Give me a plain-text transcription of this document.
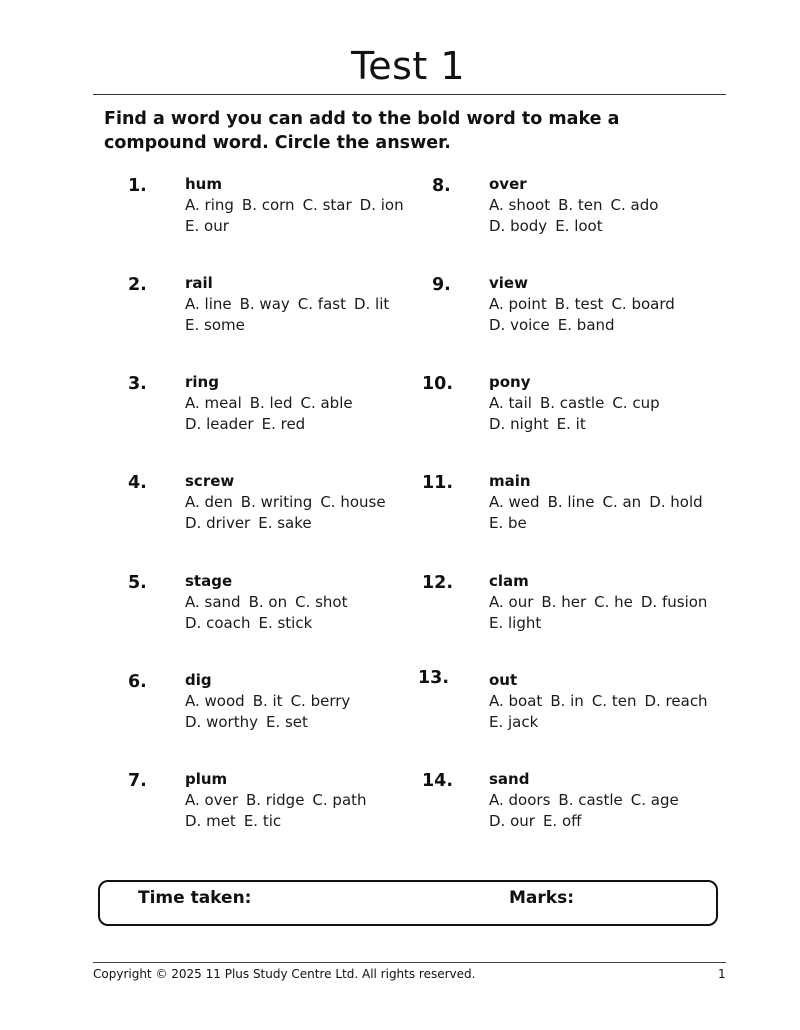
Test 1
Find a word you can add to the bold word to make a compound word. Circle the answer.
1.	hum
A. ring B. corn C. star D. ion
E. our
2.	rail
A. line B. way C. fast D. lit
E. some
3.	ring
A. meal B. led C. able
D. leader E. red
4.	screw
A. den B. writing C. house
D. driver E. sake
5.	stage
A. sand B. on C. shot
D. coach E. stick
6.	dig
A. wood B. it C. berry
D. worthy E. set
7.	plum
A. over B. ridge C. path
D. met E. tic
8.	over
A. shoot B. ten C. ado
D. body E. loot
9.	view
A. point B. test C. board
D. voice E. band
10. pony
A. tail B. castle C. cup
D. night E. it
11. main
A. wed B. line C. an D. hold
E. be
12. clam
A. our B. her C. he D. fusion
E. light
13.	out
A. boat B. in C. ten D. reach
E. jack
14. sand
A. doors B. castle C. age
D. our E. off
Time taken:	Marks:
Copyright © 2025 11 Plus Study Centre Ltd. All rights reserved.	1
